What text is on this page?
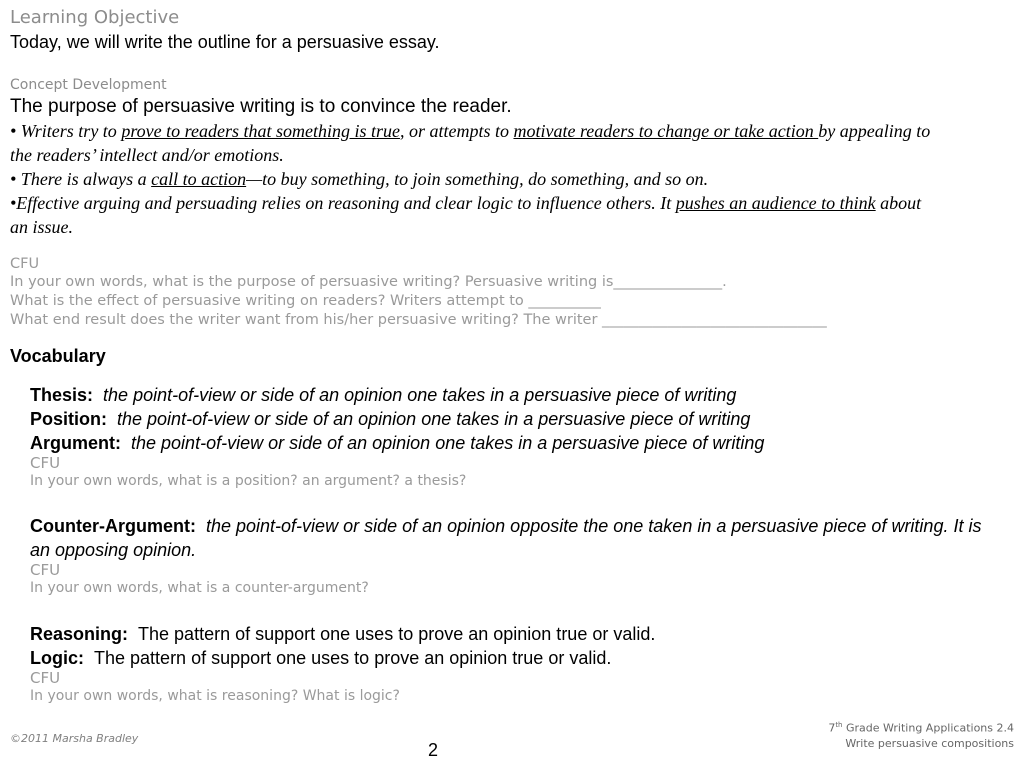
Learning Objective
Today, we will write the outline for a persuasive essay.
Concept Development
The purpose of persuasive writing is to convince the reader.
• Writers try to prove to readers that something is true, or attempts to motivate readers to change or take action by appealing to the readers’ intellect and/or emotions.
• There is always a call to action—to buy something, to join something, do something, and so on.
•Effective arguing and persuading relies on reasoning and clear logic to influence others. It pushes an audience to think about an issue.
CFU
In your own words, what is the purpose of persuasive writing? Persuasive writing is_______________.
What is the effect of persuasive writing on readers? Writers attempt to __________
What end result does the writer want from his/her persuasive writing? The writer _______________________________
Vocabulary
Thesis: the point-of-view or side of an opinion one takes in a persuasive piece of writing
Position: the point-of-view or side of an opinion one takes in a persuasive piece of writing
Argument: the point-of-view or side of an opinion one takes in a persuasive piece of writing
CFU
In your own words, what is a position? an argument? a thesis?
Counter-Argument: the point-of-view or side of an opinion opposite the one taken in a persuasive piece of writing. It is an opposing opinion.
CFU
In your own words, what is a counter-argument?
Reasoning: The pattern of support one uses to prove an opinion true or valid.
Logic: The pattern of support one uses to prove an opinion true or valid.
CFU
In your own words, what is reasoning? What is logic?
©2011 Marsha Bradley
2
7th Grade Writing Applications 2.4
Write persuasive compositions
